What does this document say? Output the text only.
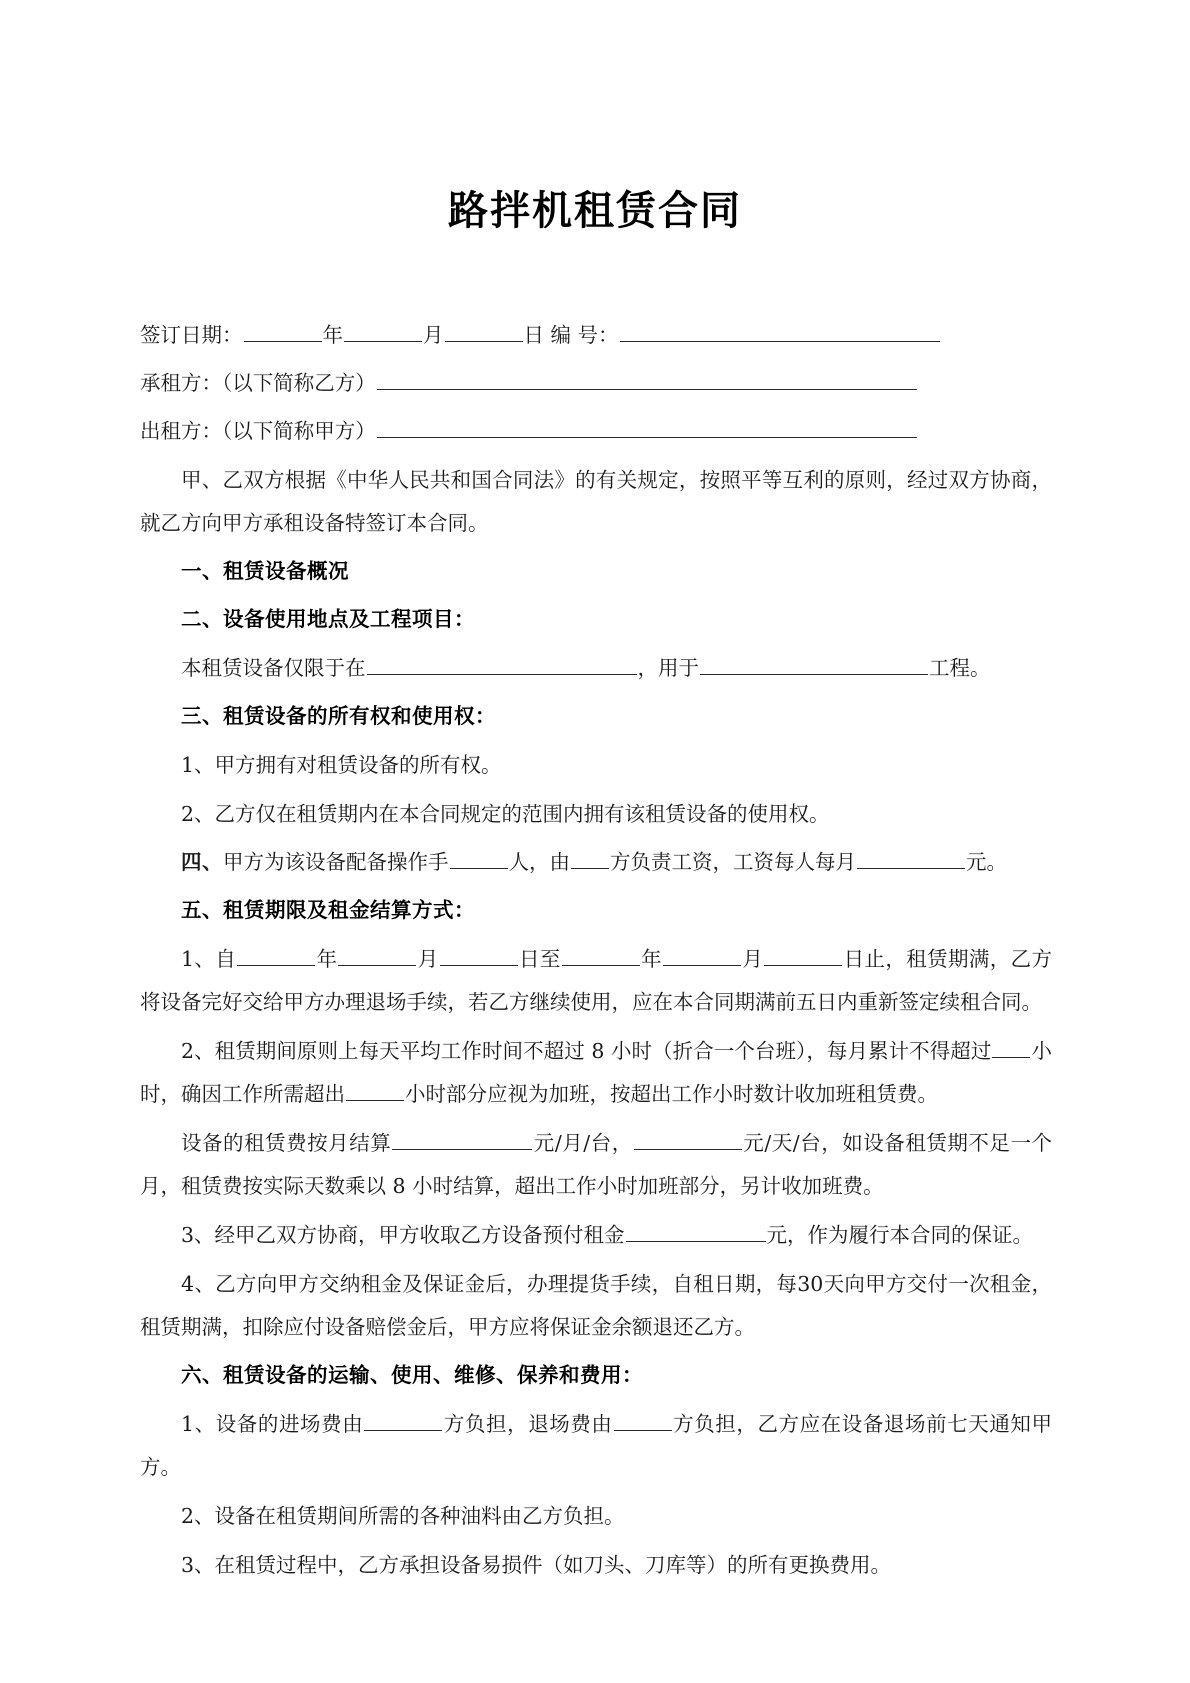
路拌机租赁合同

签订日期：	年	月	日 编 号：

承租方：（以下简称乙方）

出租方：（以下简称甲方）

甲、乙双方根据《中华人民共和国合同法》的有关规定，按照平等互利的原则，经过双方协商，就乙方向甲方承租设备特签订本合同。

一、租赁设备概况

二、设备使用地点及工程项目：

本租赁设备仅限于在	，用于	工程。

三、租赁设备的所有权和使用权：

1、甲方拥有对租赁设备的所有权。

2、乙方仅在租赁期内在本合同规定的范围内拥有该租赁设备的使用权。

四、甲方为该设备配备操作手	人，由 方负责工资，工资每人每月	元。

五、租赁期限及租金结算方式：

1、自	年	月	日至	年	月	日止，租赁期满，乙方将设备完好交给甲方办理退场手续，若乙方继续使用，应在本合同期满前五日内重新签定续租合同。

2、租赁期间原则上每天平均工作时间不超过 8 小时（折合一个台班），每月累计不得超过 小时，确因工作所需超出	小时部分应视为加班，按超出工作小时数计收加班租赁费。

设备的租赁费按月结算	元/月/台，	元/天/台，如设备租赁期不足一个月，租赁费按实际天数乘以 8 小时结算，超出工作小时加班部分，另计收加班费。

3、经甲乙双方协商，甲方收取乙方设备预付租金	元，作为履行本合同的保证。

4、乙方向甲方交纳租金及保证金后，办理提货手续，自租日期，每30天向甲方交付一次租金，租赁期满，扣除应付设备赔偿金后，甲方应将保证金余额退还乙方。

六、租赁设备的运输、使用、维修、保养和费用：

1、设备的进场费由	方负担，退场费由	方负担，乙方应在设备退场前七天通知甲方。

2、设备在租赁期间所需的各种油料由乙方负担。

3、在租赁过程中，乙方承担设备易损件（如刀头、刀库等）的所有更换费用。
